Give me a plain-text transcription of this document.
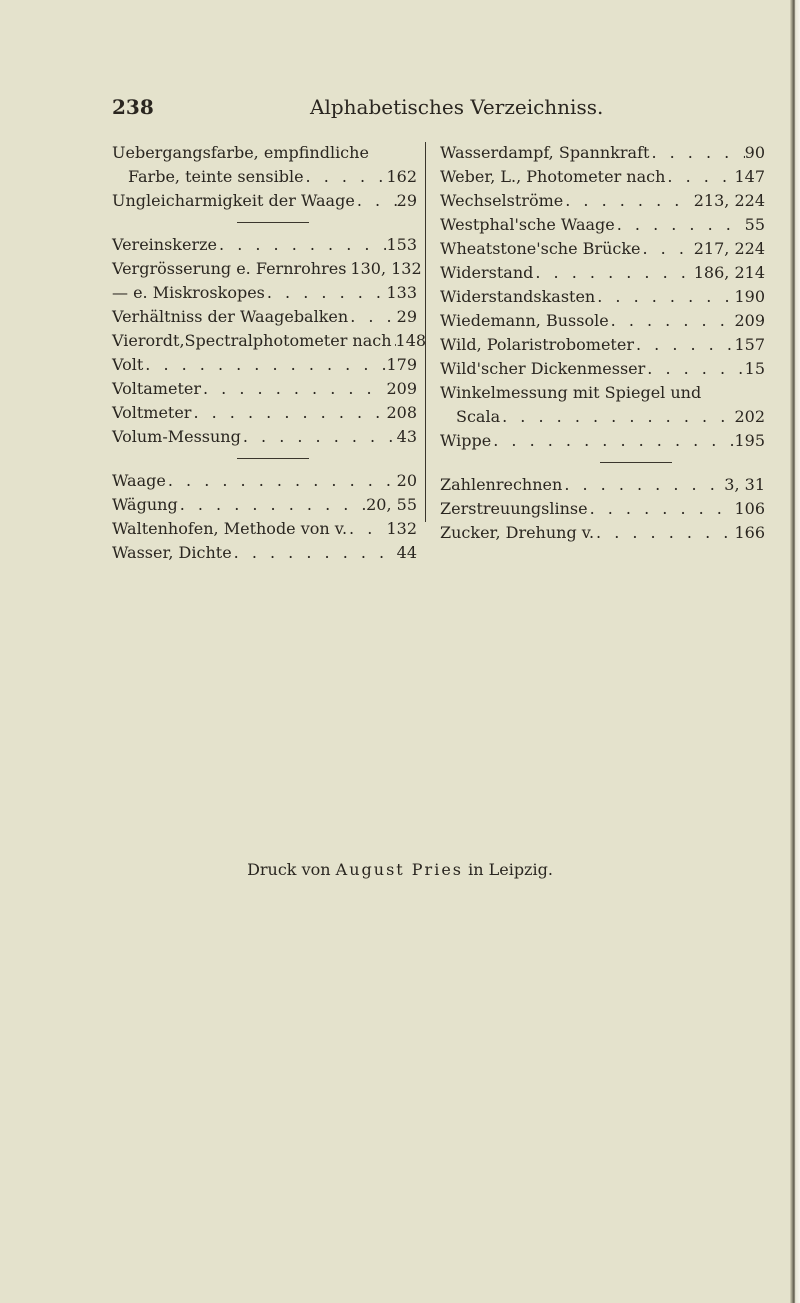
238	Alphabetisches Verzeichniss.
Uebergangsfarbe, empfindliche
Farbe, teinte sensible . . .	162
Ungleicharmigkeit der Waage . . .	29
Vereinskerze . . .	153
Vergrösserung e. Fernrohres . . . 130, 132
— e. Miskroskopes . . .	133
Verhältniss der Waagebalken . . .	29
Vierordt,Spectralphotometer nach . . . 148
Volt . . .	179
Voltameter . . .	209
Voltmeter . . .	208
Volum-Messung . . .	43
Waage . . .	20
Wägung . . .	20, 55
Waltenhofen, Methode von v. . . . 132
Wasser, Dichte . . .	44
Wasserdampf, Spannkraft . . .	90
Weber, L., Photometer nach . . .	147
Wechselströme . . .	213, 224
Westphal'sche Waage . . .	55
Wheatstone'sche Brücke . . .	217, 224
Widerstand . . .	186, 214
Widerstandskasten . . .	190
Wiedemann, Bussole . . .	209
Wild, Polaristrobometer . . .	157
Wild'scher Dickenmesser . . .	15
Winkelmessung mit Spiegel und
Scala . . .	202
Wippe . . .	195
Zahlenrechnen . . .	3, 31
Zerstreuungslinse . . .	106
Zucker, Drehung v. . . .	166
Druck von August Pries in Leipzig.
